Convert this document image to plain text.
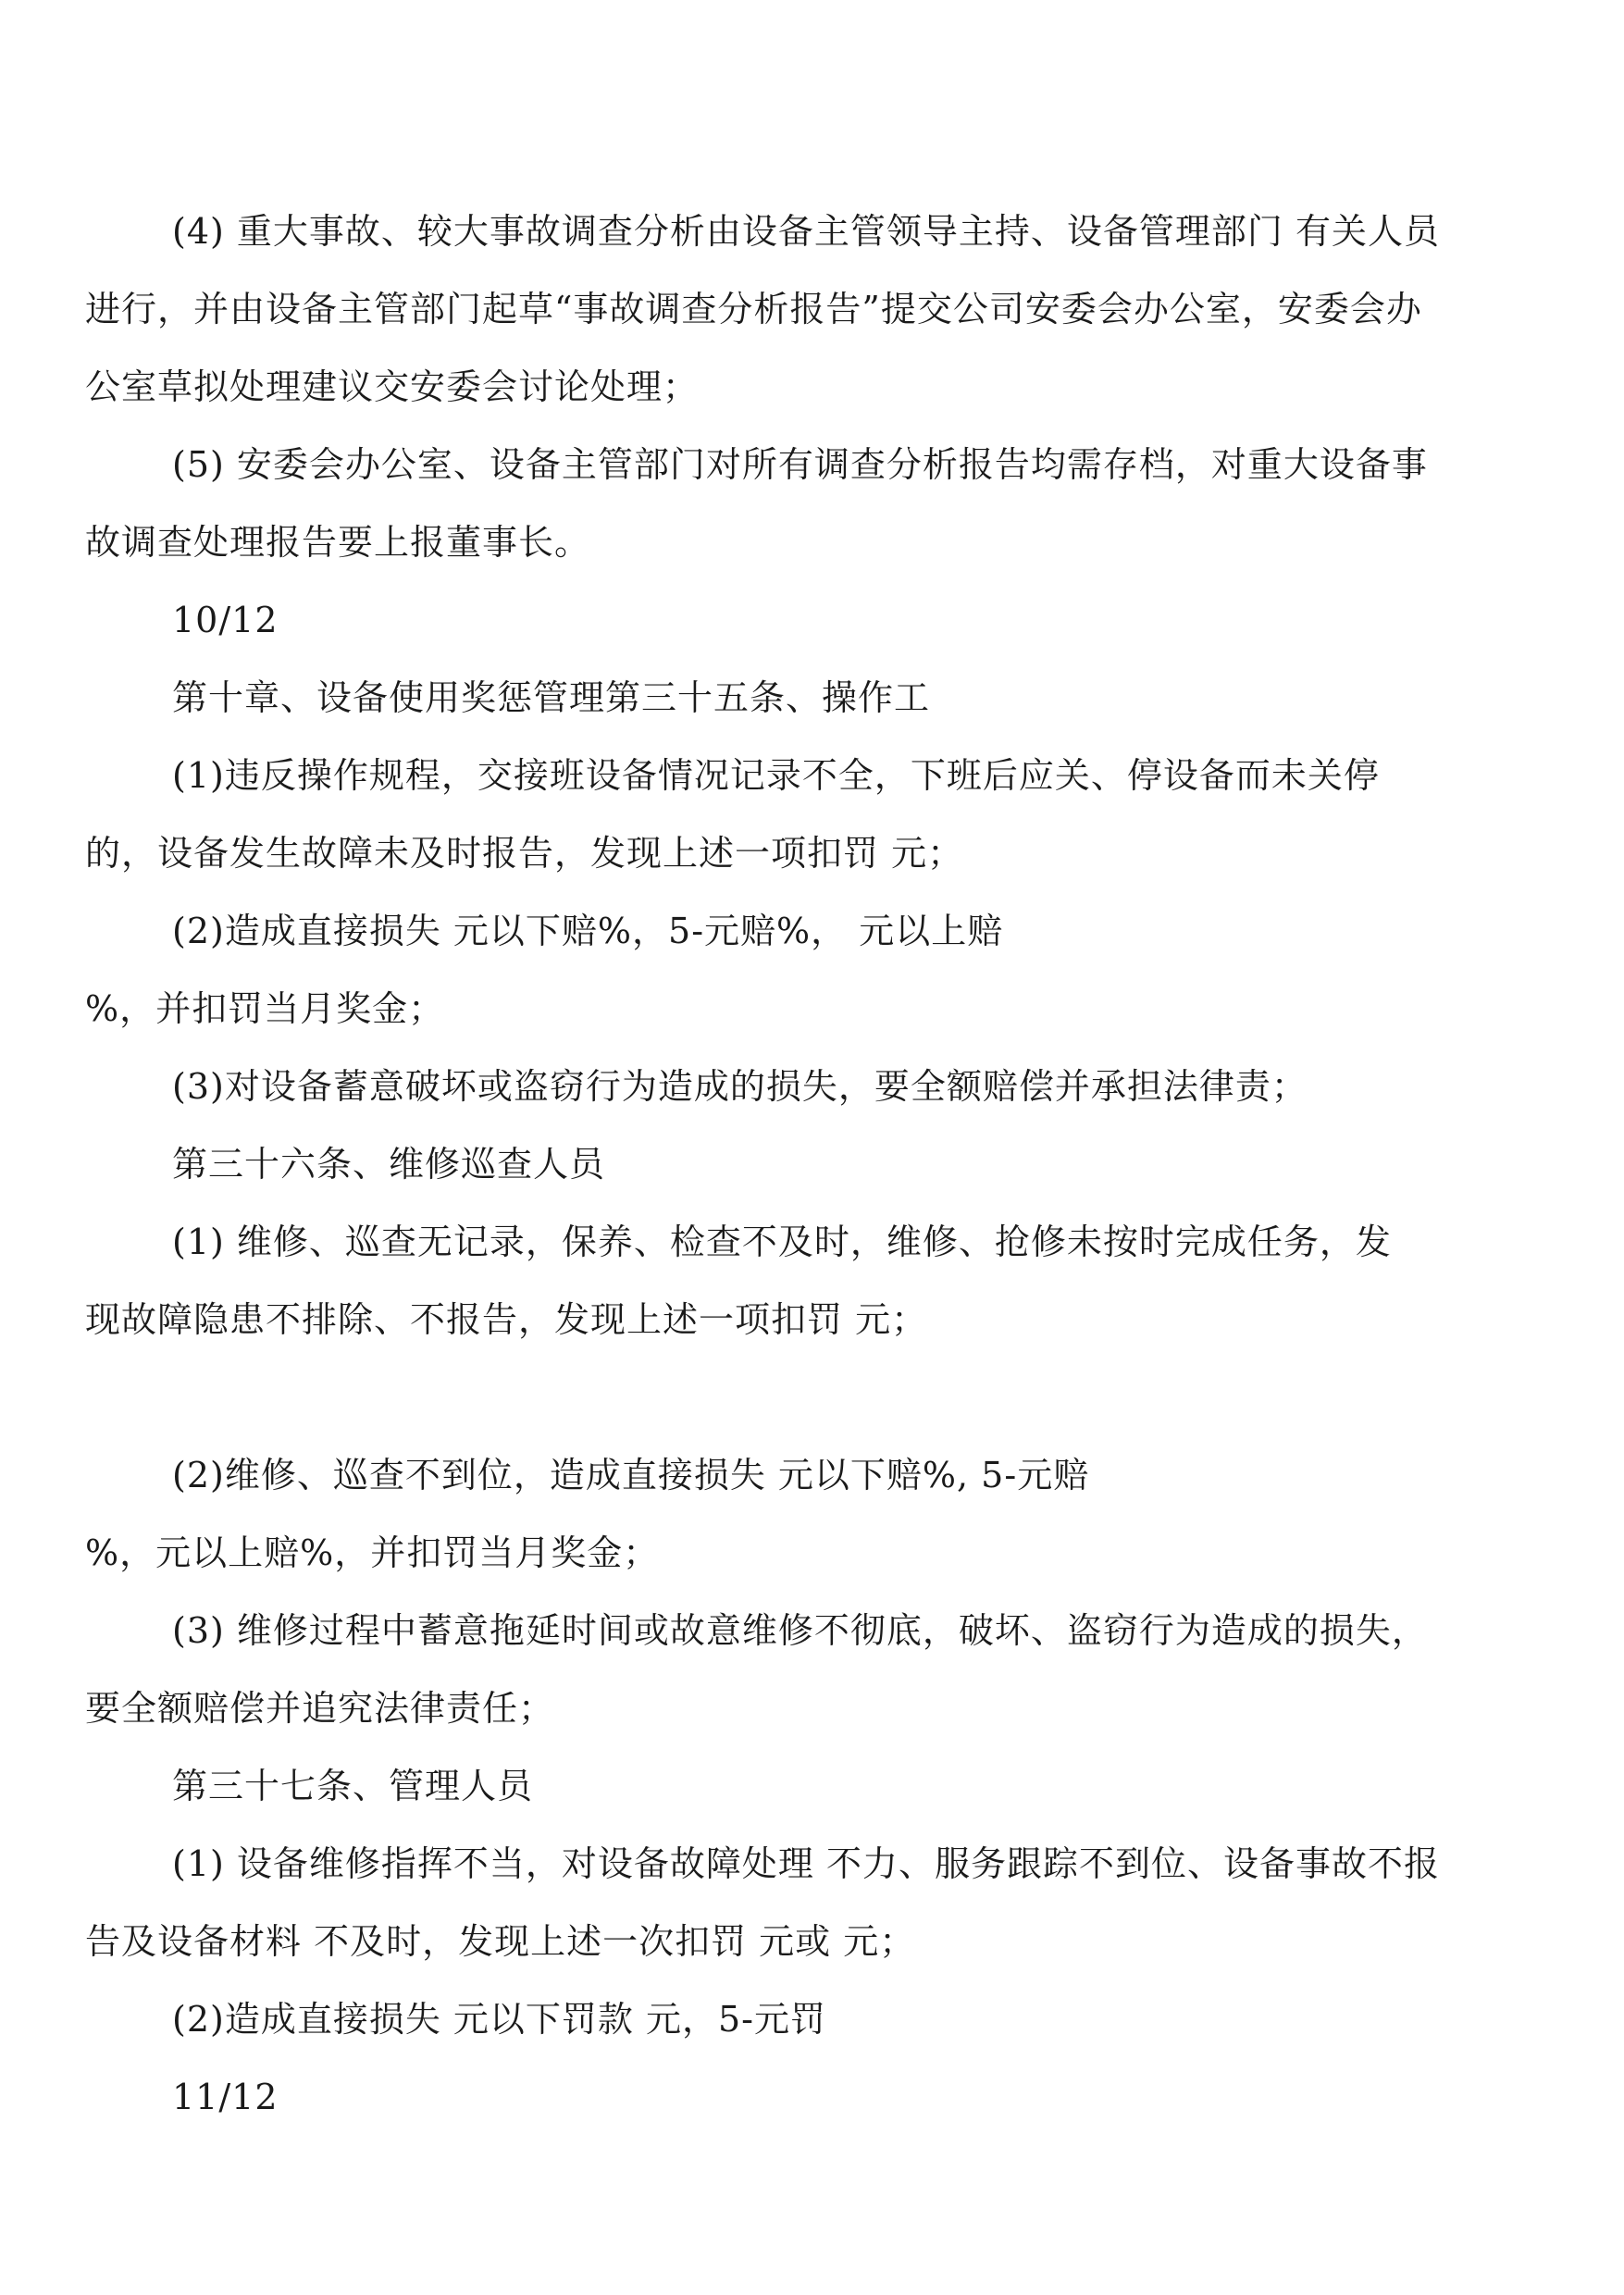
(4) 重大事故、较大事故调查分析由设备主管领导主持、设备管理部门 有关人员
进行，并由设备主管部门起草“事故调查分析报告”提交公司安委会办公室，安委会办
公室草拟处理建议交安委会讨论处理；
(5) 安委会办公室、设备主管部门对所有调查分析报告均需存档，对重大设备事
故调查处理报告要上报董事长。
10/12
第十章、设备使用奖惩管理第三十五条、操作工
(1)违反操作规程，交接班设备情况记录不全，下班后应关、停设备而未关停
的，设备发生故障未及时报告，发现上述一项扣罚 元；
(2)造成直接损失 元以下赔%，5-元赔%， 元以上赔
%，并扣罚当月奖金；
(3)对设备蓄意破坏或盗窃行为造成的损失，要全额赔偿并承担法律责；
第三十六条、维修巡查人员
(1) 维修、巡查无记录，保养、检查不及时，维修、抢修未按时完成任务，发
现故障隐患不排除、不报告，发现上述一项扣罚 元；
(2)维修、巡查不到位，造成直接损失 元以下赔%, 5-元赔
%，元以上赔%，并扣罚当月奖金；
(3) 维修过程中蓄意拖延时间或故意维修不彻底，破坏、盗窃行为造成的损失，
要全额赔偿并追究法律责任；
第三十七条、管理人员
(1) 设备维修指挥不当，对设备故障处理 不力、服务跟踪不到位、设备事故不报
告及设备材料 不及时，发现上述一次扣罚 元或 元；
(2)造成直接损失 元以下罚款 元，5-元罚
11/12
